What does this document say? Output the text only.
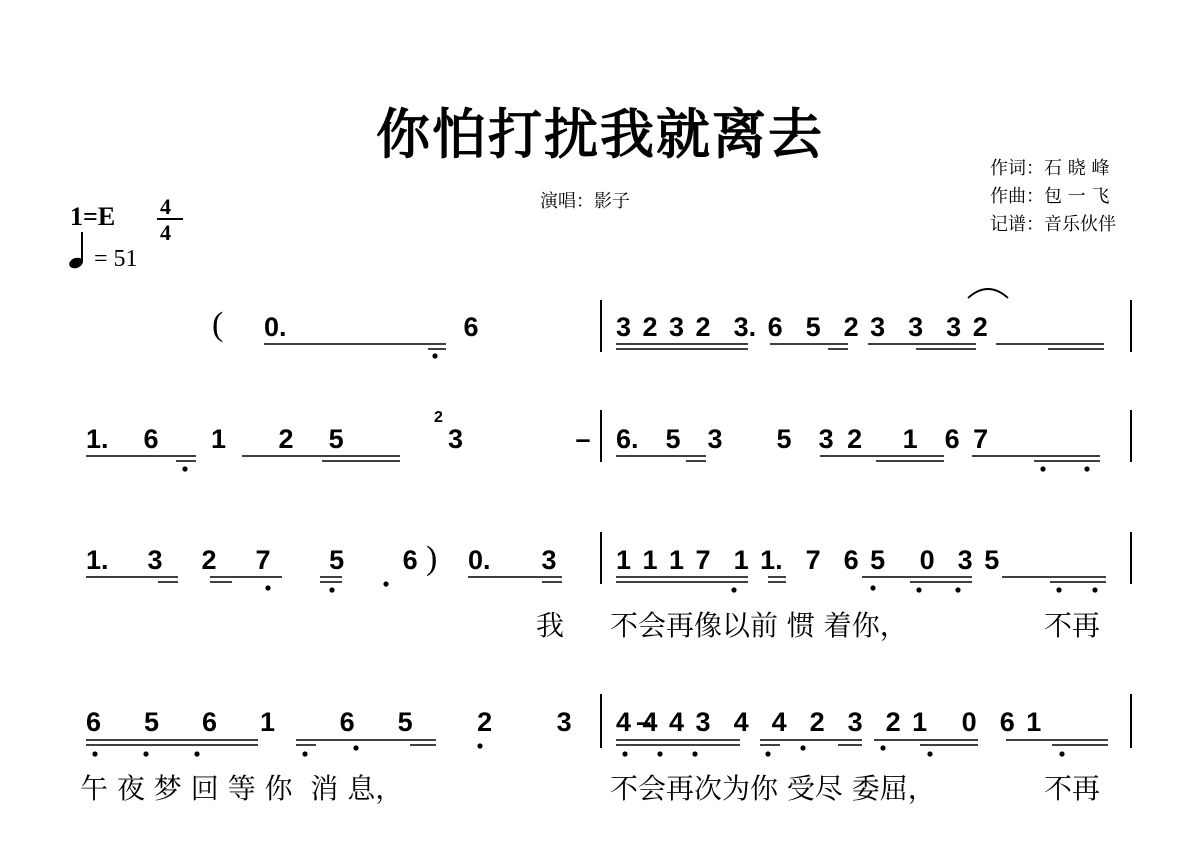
你怕打扰我就离去
演唱：影子
作词：石 晓 峰
作曲：包 一 飞
记谱：音乐伙伴
1=E 4
4
= 51
( 0.      6	3 2 3 2  3. 6  5  2 3  3  3 2
1.  6   1   2  5
2
3   – 6.  5  3    5  3 2   1  6 7
1.  3  2  7   5   6 ) 0.  3 1 1 1 7  1 1.  7  6 5   0  3 5
我 不会再像以前 惯 着你，	不再
6  5  6  1   6  5   2   3   –
4 4 4 3  4  4  2  3  2 1   0  6 1
午 夜 梦 回 等 你  消 息，	不会再次为你 受尽 委屈，	不再
